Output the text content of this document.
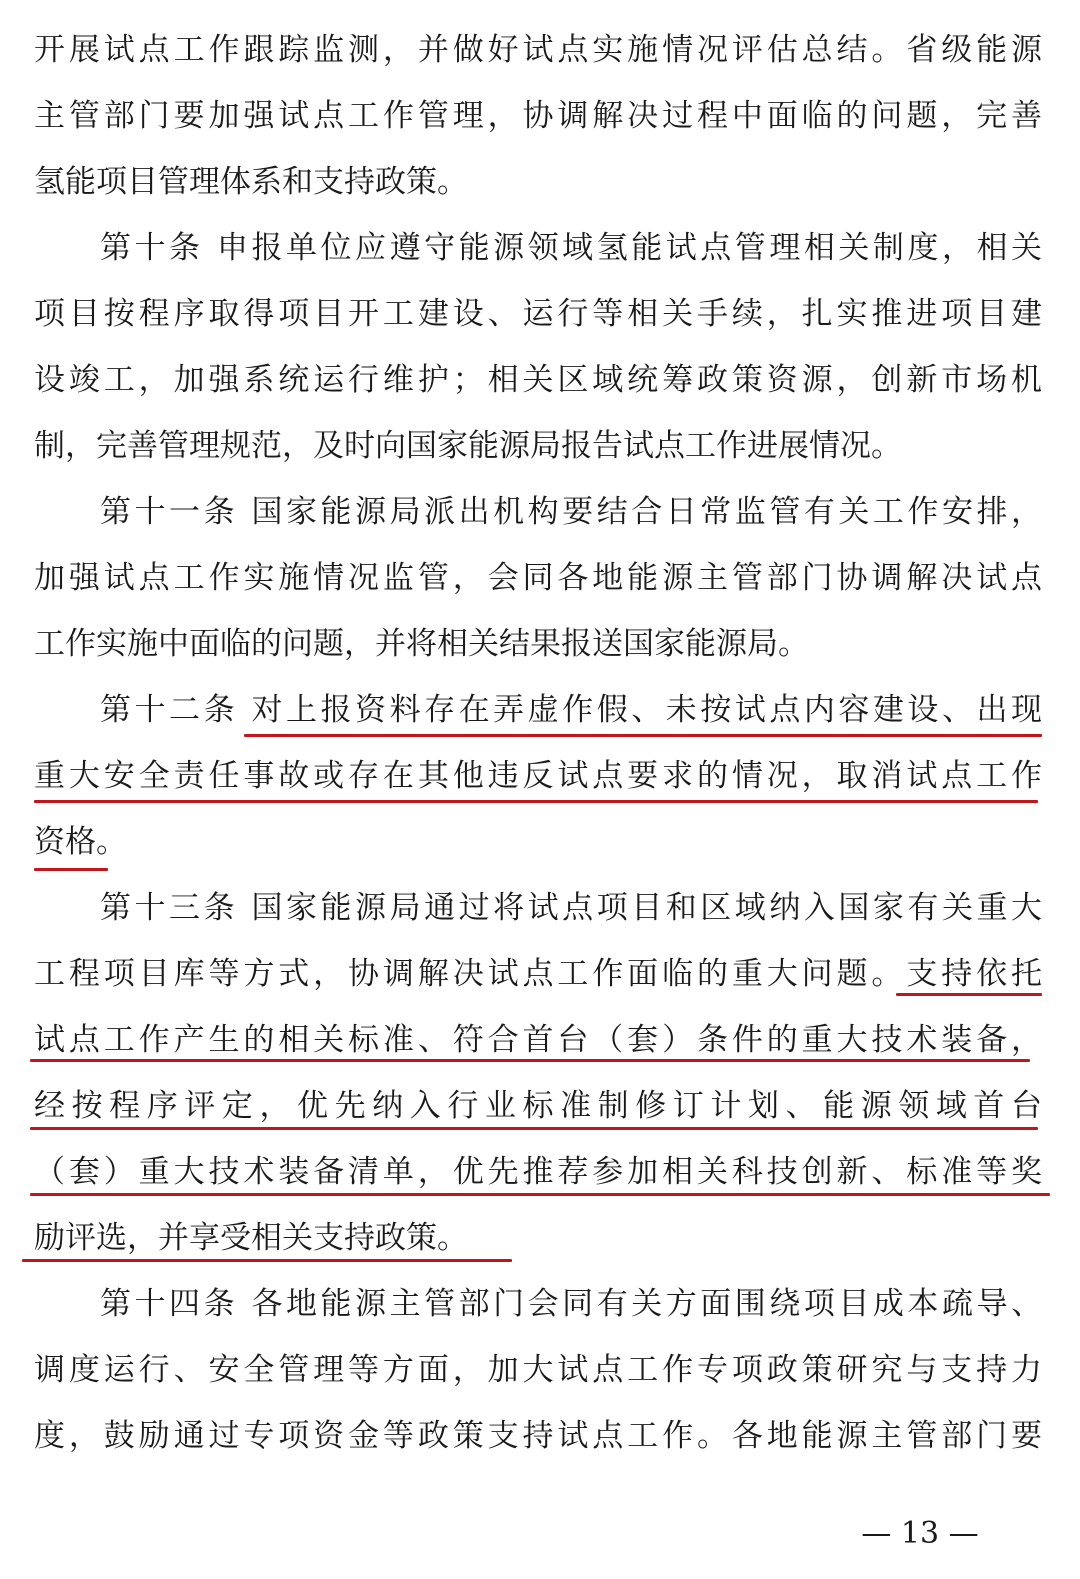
开展试点工作跟踪监测，并做好试点实施情况评估总结。省级能源
主管部门要加强试点工作管理，协调解决过程中面临的问题，完善
氢能项目管理体系和支持政策。
第十条 申报单位应遵守能源领域氢能试点管理相关制度，相关
项目按程序取得项目开工建设、运行等相关手续，扎实推进项目建
设竣工，加强系统运行维护；相关区域统筹政策资源，创新市场机
制，完善管理规范，及时向国家能源局报告试点工作进展情况。
第十一条 国家能源局派出机构要结合日常监管有关工作安排，
加强试点工作实施情况监管，会同各地能源主管部门协调解决试点
工作实施中面临的问题，并将相关结果报送国家能源局。
第十二条 对上报资料存在弄虚作假、未按试点内容建设、出现
重大安全责任事故或存在其他违反试点要求的情况，取消试点工作
资格。
第十三条 国家能源局通过将试点项目和区域纳入国家有关重大
工程项目库等方式，协调解决试点工作面临的重大问题。支持依托
试点工作产生的相关标准、符合首台（套）条件的重大技术装备，
经按程序评定，优先纳入行业标准制修订计划、能源领域首台
（套）重大技术装备清单，优先推荐参加相关科技创新、标准等奖
励评选，并享受相关支持政策。
第十四条 各地能源主管部门会同有关方面围绕项目成本疏导、
调度运行、安全管理等方面，加大试点工作专项政策研究与支持力
度，鼓励通过专项资金等政策支持试点工作。各地能源主管部门要
— 13 —
